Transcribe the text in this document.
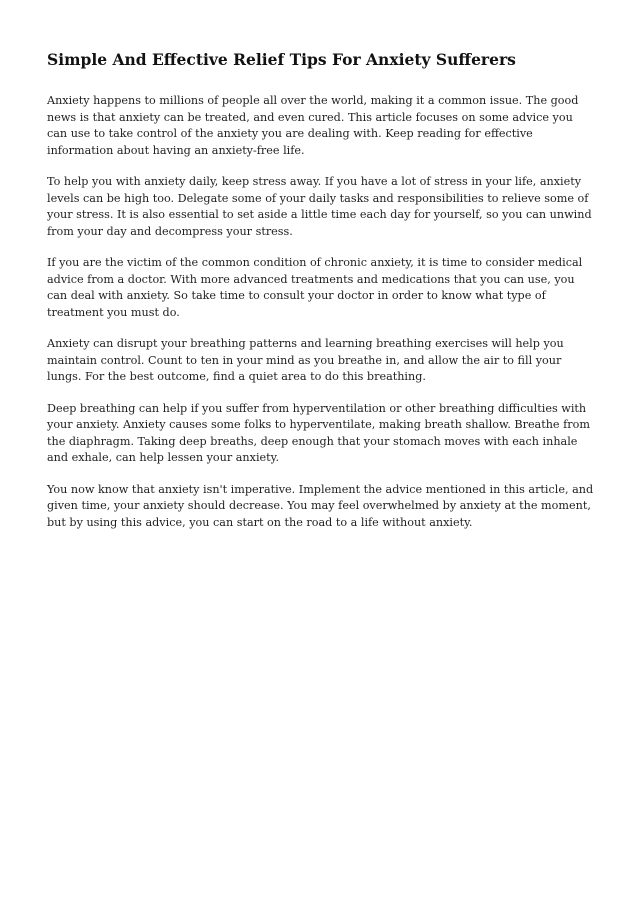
Simple And Effective Relief Tips For Anxiety Sufferers

Anxiety happens to millions of people all over the world, making it a common issue. The good news is that anxiety can be treated, and even cured. This article focuses on some advice you can use to take control of the anxiety you are dealing with. Keep reading for effective information about having an anxiety-free life.

To help you with anxiety daily, keep stress away. If you have a lot of stress in your life, anxiety levels can be high too. Delegate some of your daily tasks and responsibilities to relieve some of your stress. It is also essential to set aside a little time each day for yourself, so you can unwind from your day and decompress your stress.

If you are the victim of the common condition of chronic anxiety, it is time to consider medical advice from a doctor. With more advanced treatments and medications that you can use, you can deal with anxiety. So take time to consult your doctor in order to know what type of treatment you must do.

Anxiety can disrupt your breathing patterns and learning breathing exercises will help you maintain control. Count to ten in your mind as you breathe in, and allow the air to fill your lungs. For the best outcome, find a quiet area to do this breathing.

Deep breathing can help if you suffer from hyperventilation or other breathing difficulties with your anxiety. Anxiety causes some folks to hyperventilate, making breath shallow. Breathe from the diaphragm. Taking deep breaths, deep enough that your stomach moves with each inhale and exhale, can help lessen your anxiety.

You now know that anxiety isn't imperative. Implement the advice mentioned in this article, and given time, your anxiety should decrease. You may feel overwhelmed by anxiety at the moment, but by using this advice, you can start on the road to a life without anxiety.
